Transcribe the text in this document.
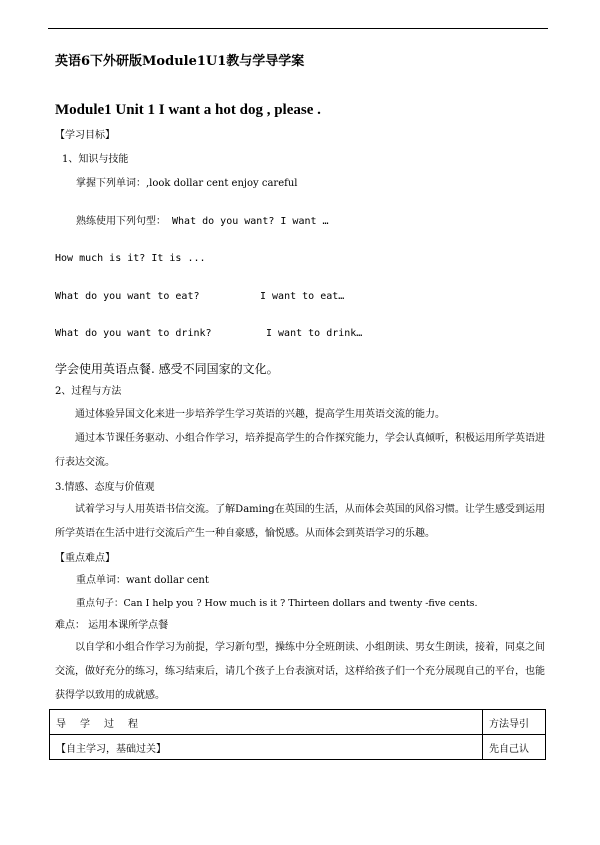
英语6下外研版Module1U1教与学导学案
Module1 Unit 1 I want a hot dog , please .
【学习目标】
1、知识与技能
掌握下列单词：,look dollar cent enjoy careful
熟练使用下列句型： What do you want? I want …
How much is it? It is ...
What do you want to eat?	I want to eat…
What do you want to drink?	I want to drink…
学会使用英语点餐. 感受不同国家的文化。
2、过程与方法
通过体验异国文化来进一步培养学生学习英语的兴趣，提高学生用英语交流的能力。
通过本节课任务驱动、小组合作学习，培养提高学生的合作探究能力，学会认真倾听，积极运用所学英语进行表达交流。
3.情感、态度与价值观
试着学习与人用英语书信交流。了解Daming在英国的生活，从而体会英国的风俗习惯。让学生感受到运用所学英语在生活中进行交流后产生一种自豪感，愉悦感。从而体会到英语学习的乐趣。
【重点难点】
重点单词：want dollar cent
重点句子：Can I help you ? How much is it ? Thirteen dollars and twenty -five cents.
难点： 运用本课所学点餐
以自学和小组合作学习为前提，学习新句型，操练中分全班朗读、小组朗读、男女生朗读，接着，同桌之间交流，做好充分的练习，练习结束后，请几个孩子上台表演对话，这样给孩子们一个充分展现自己的平台，也能获得学以致用的成就感。
导学过程	方法导引
【自主学习，基础过关】	先自己认
